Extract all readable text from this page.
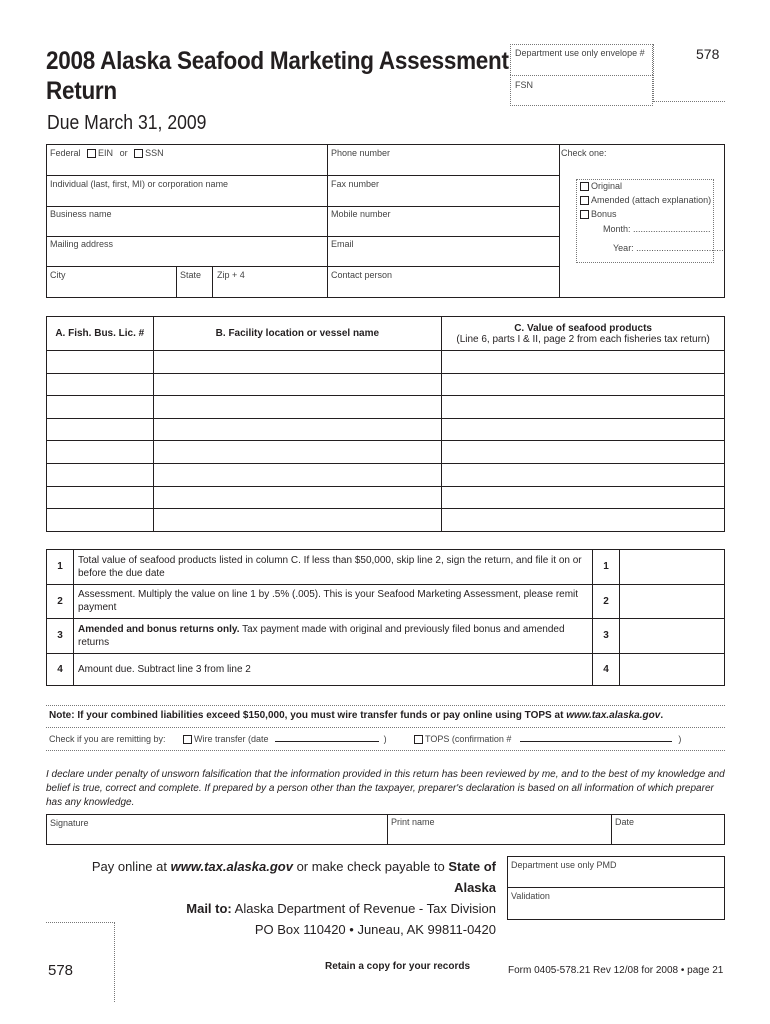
2008 Alaska Seafood Marketing Assessment
Return
Due March 31, 2009
Department use only envelope #
FSN
578
Federal EIN or SSN	Phone number
Individual (last, first, MI) or corporation name	Fax number
Business name	Mobile number
Mailing address	Email
City	State Zip + 4	Contact person
Check one:
Original
Amended (attach explanation)
Bonus
Month: ...............................
Year: ...................................
A. Fish. Bus. Lic. #	B. Facility location or vessel name	C. Value of seafood products
(Line 6, parts I & II, page 2 from each fisheries tax return)

1	Total value of seafood products listed in column C. If less than $50,000, skip line 2, sign the return, and file it on or before the due date	1	
2	Assessment. Multiply the value on line 1 by .5% (.005). This is your Seafood Marketing Assessment, please remit payment	2	
3	Amended and bonus returns only. Tax payment made with original and previously filed bonus and amended returns	3	
4	Amount due. Subtract line 3 from line 2	4	
Note: If your combined liabilities exceed $150,000, you must wire transfer funds or pay online using TOPS at www.tax.alaska.gov.
Check if you are remitting by:	Wire transfer (date	)	TOPS (confirmation #	)
I declare under penalty of unsworn falsification that the information provided in this return has been reviewed by me, and to the best of my knowledge and belief is true, correct and complete. If prepared by a person other than the taxpayer, preparer's declaration is based on all information of which preparer has any knowledge.
Signature	Print name	Date
Pay online at www.tax.alaska.gov or make check payable to State of Alaska
Mail to: Alaska Department of Revenue - Tax Division
PO Box 110420 • Juneau, AK 99811-0420
Department use only PMD
Validation
578	Retain a copy for your records	Form 0405-578.21 Rev 12/08 for 2008 • page 21
